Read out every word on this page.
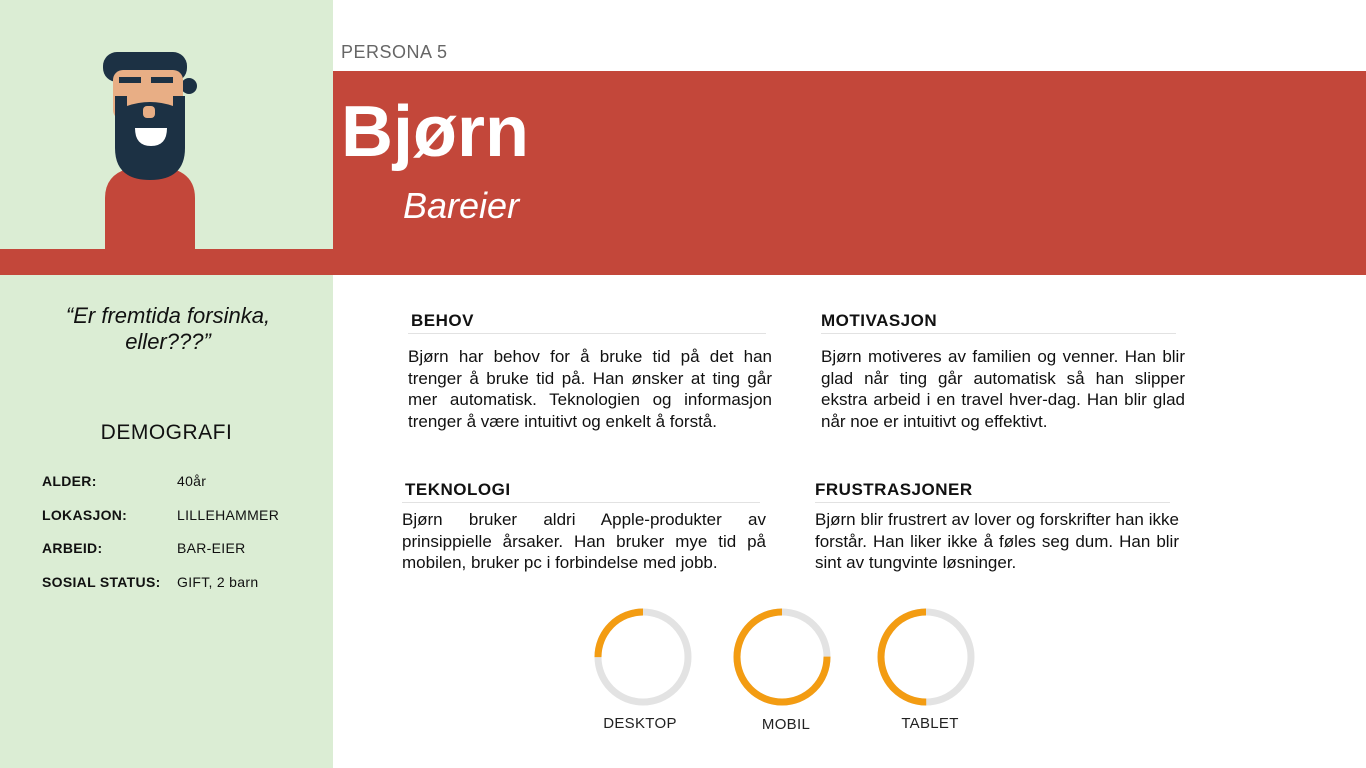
PERSONA 5
Bjørn
Bareier
“Er fremtida forsinka, eller???”
DEMOGRAFI
ALDER:	40år
LOKASJON:	LILLEHAMMER
ARBEID:	BAR-EIER
SOSIAL STATUS: GIFT, 2 barn
BEHOV
Bjørn har behov for å bruke tid på det han trenger å bruke tid på. Han ønsker at ting går mer automatisk. Teknologien og informasjon trenger å være intuitivt og enkelt å forstå.
MOTIVASJON
Bjørn motiveres av familien og venner. Han blir glad når ting går automatisk så han slipper ekstra arbeid i en travel hver-dag. Han blir glad når noe er intuitivt og effektivt.
TEKNOLOGI
Bjørn bruker aldri Apple-produkter av prinsippielle årsaker. Han bruker mye tid på mobilen, bruker pc i forbindelse med jobb.
FRUSTRASJONER
Bjørn blir frustrert av lover og forskrifter han ikke forstår. Han liker ikke å føles seg dum. Han blir sint av tungvinte løsninger.
DESKTOP	MOBIL	TABLET
